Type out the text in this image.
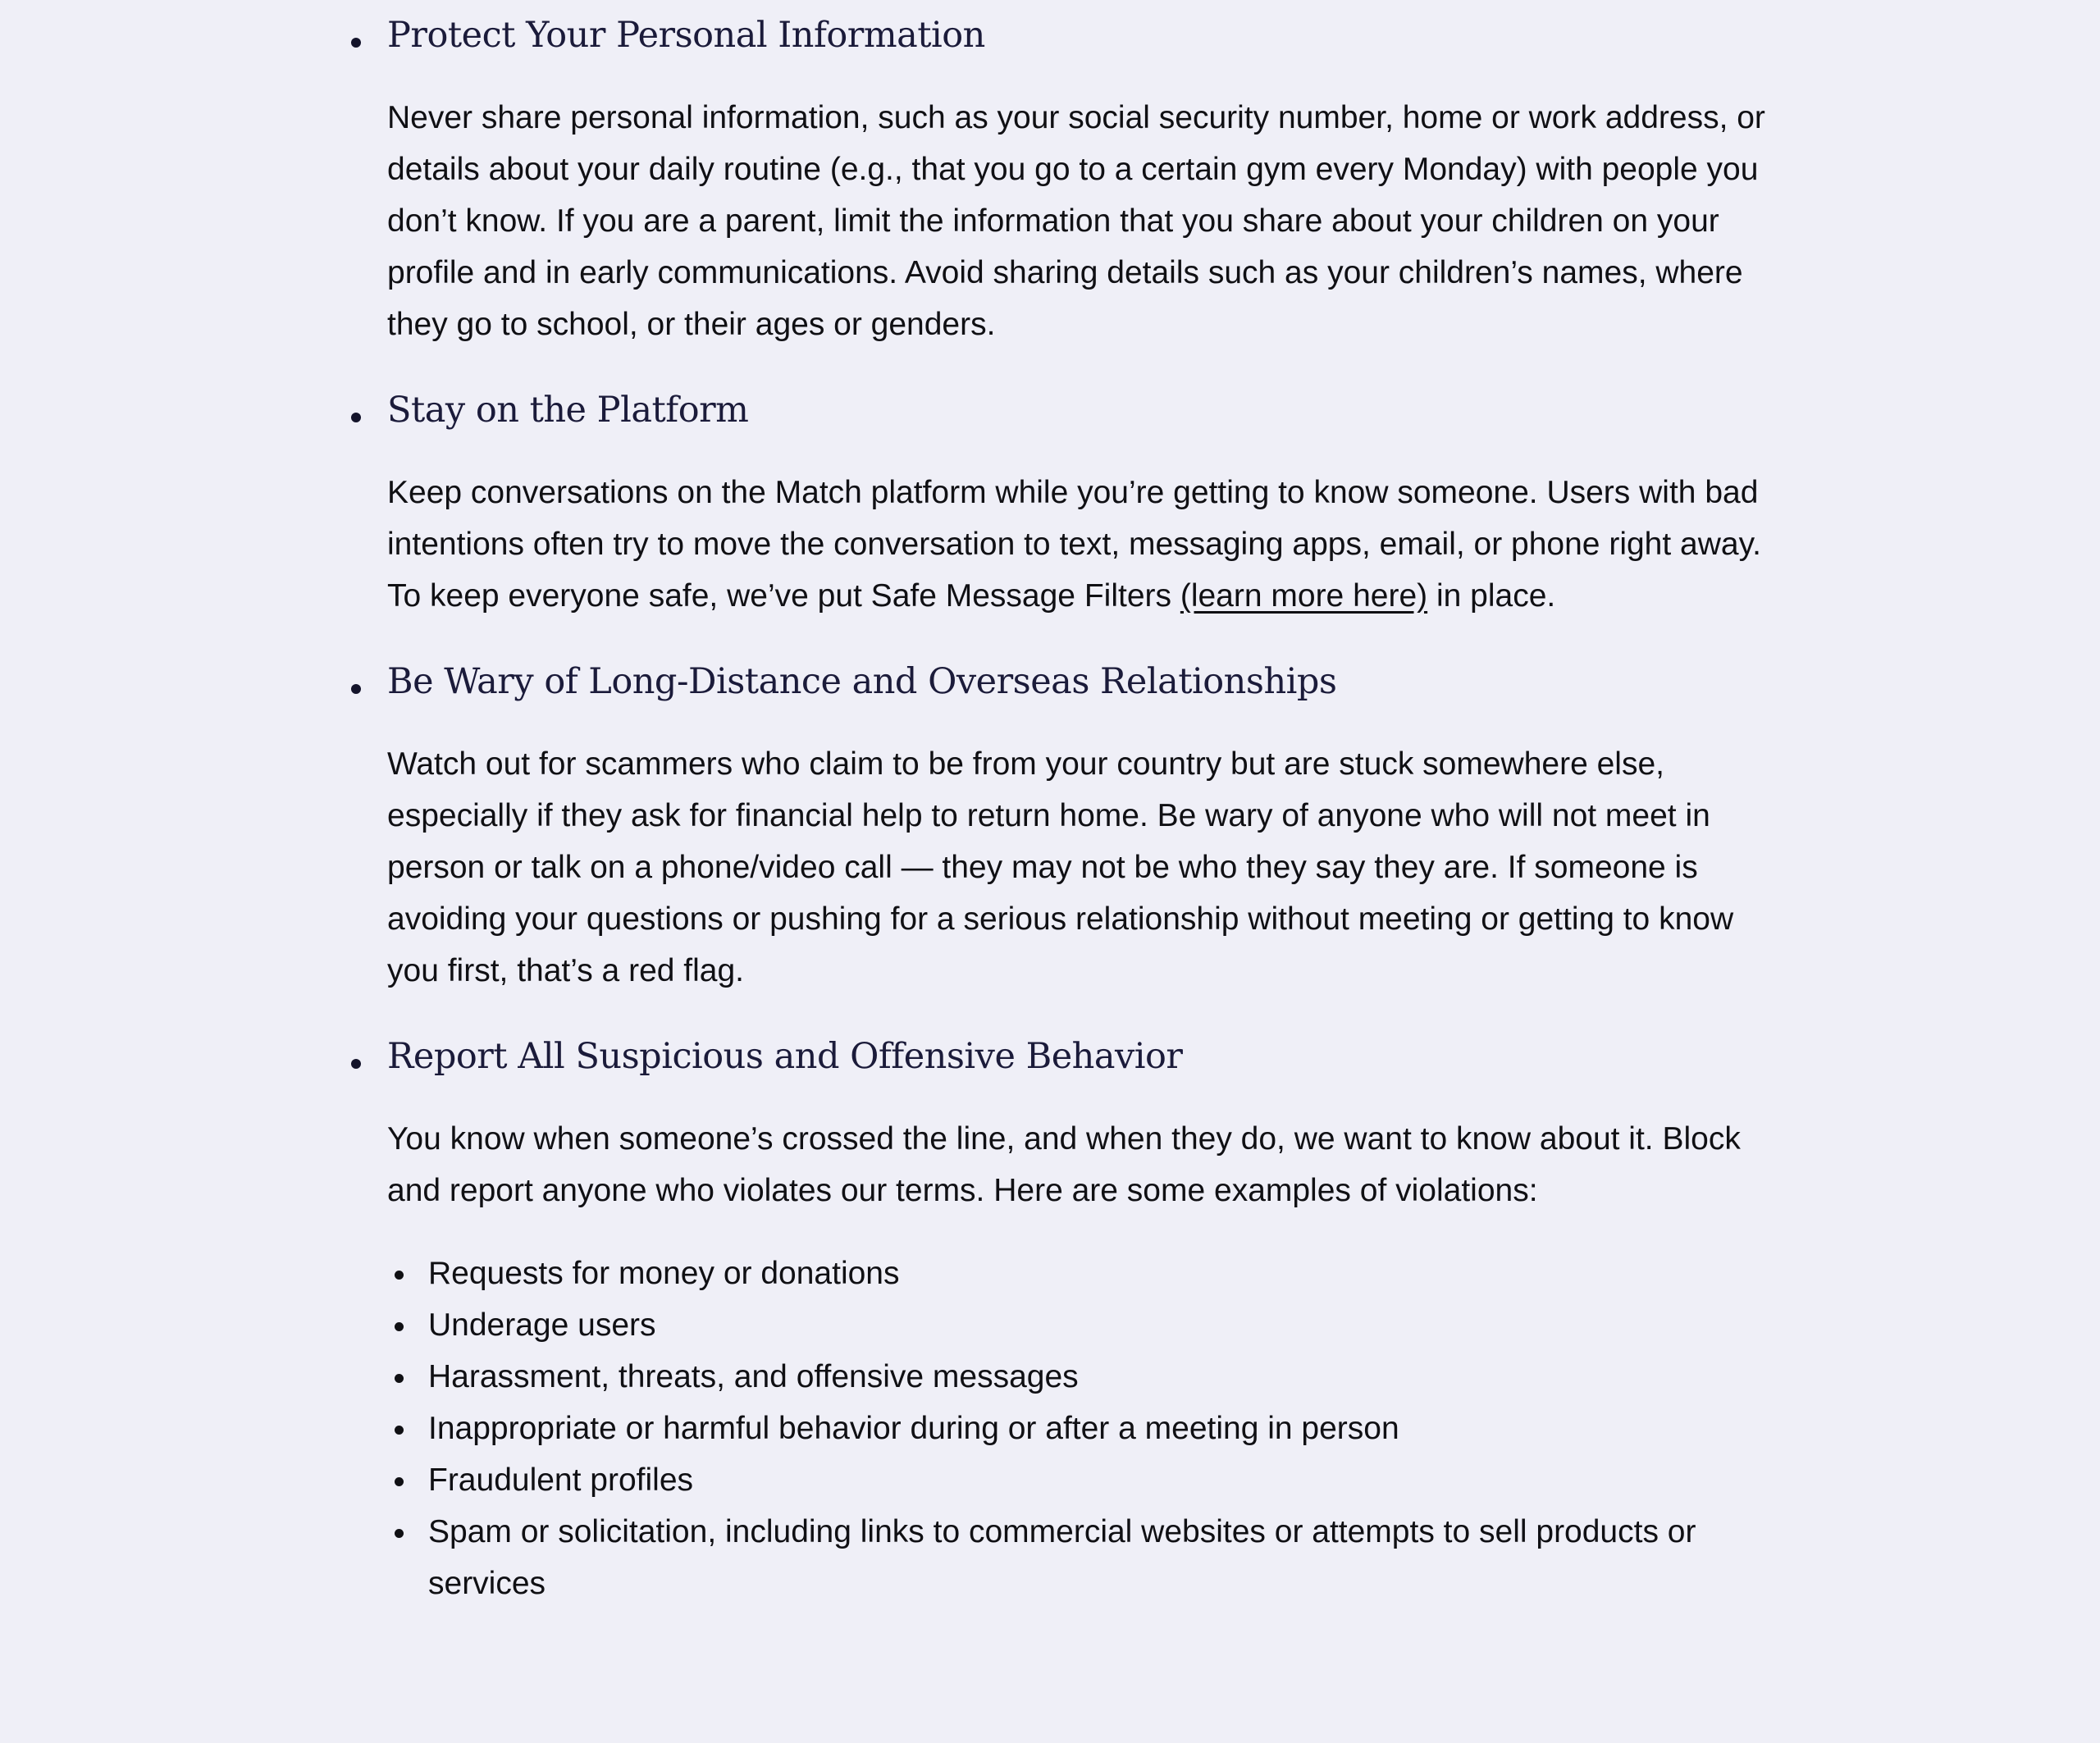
Protect Your Personal Information

Never share personal information, such as your social security number, home or work address, or details about your daily routine (e.g., that you go to a certain gym every Monday) with people you don’t know. If you are a parent, limit the information that you share about your children on your profile and in early communications. Avoid sharing details such as your children’s names, where they go to school, or their ages or genders.

Stay on the Platform

Keep conversations on the Match platform while you’re getting to know someone. Users with bad intentions often try to move the conversation to text, messaging apps, email, or phone right away. To keep everyone safe, we’ve put Safe Message Filters (learn more here) in place.

Be Wary of Long-Distance and Overseas Relationships

Watch out for scammers who claim to be from your country but are stuck somewhere else, especially if they ask for financial help to return home. Be wary of anyone who will not meet in person or talk on a phone/video call — they may not be who they say they are. If someone is avoiding your questions or pushing for a serious relationship without meeting or getting to know you first, that’s a red flag.

Report All Suspicious and Offensive Behavior

You know when someone’s crossed the line, and when they do, we want to know about it. Block and report anyone who violates our terms. Here are some examples of violations:

Requests for money or donations
Underage users
Harassment, threats, and offensive messages
Inappropriate or harmful behavior during or after a meeting in person
Fraudulent profiles
Spam or solicitation, including links to commercial websites or attempts to sell products or services
